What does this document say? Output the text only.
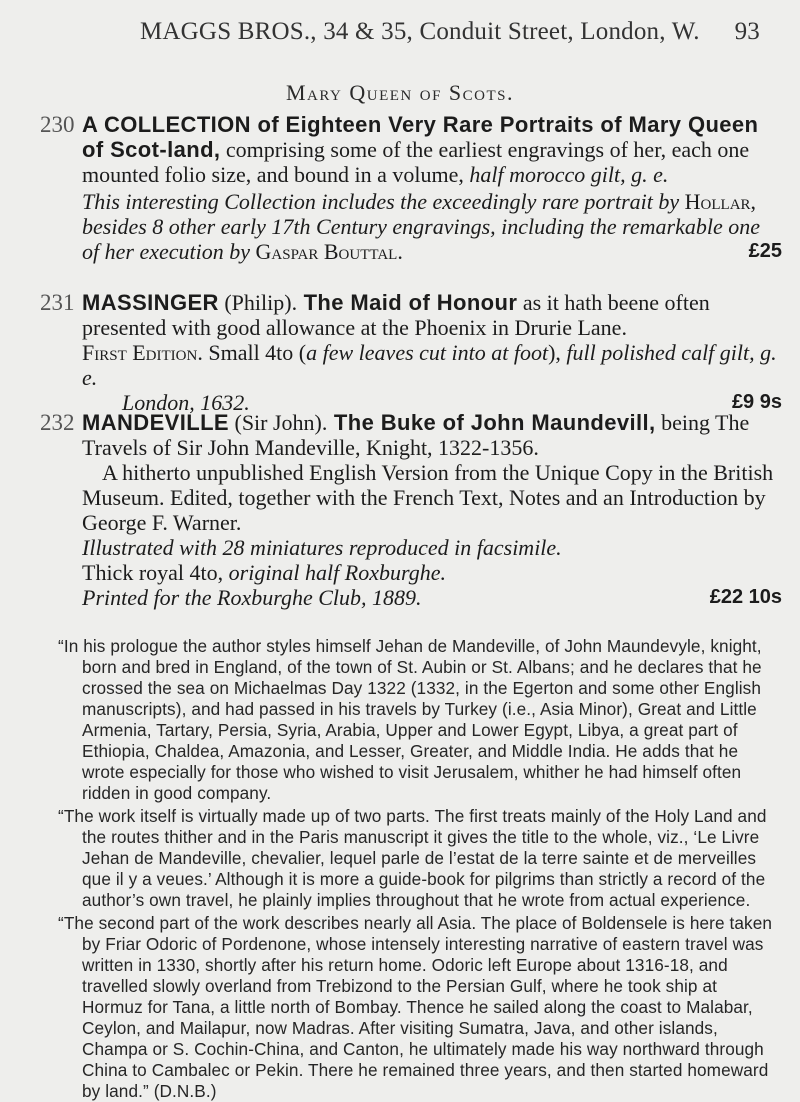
MAGGS BROS., 34 & 35, Conduit Street, London, W. 93
Mary Queen of Scots.
230 A COLLECTION of Eighteen Very Rare Portraits of Mary Queen of Scot-land, comprising some of the earliest engravings of her, each one mounted folio size, and bound in a volume, half morocco gilt, g. e.

This interesting Collection includes the exceedingly rare portrait by Hollar, besides 8 other early 17th Century engravings, including the remarkable one of her execution by Gaspar Bouttal.	£25

231 MASSINGER (Philip). The Maid of Honour as it hath beene often presented with good allowance at the Phoenix in Drurie Lane.

First Edition. Small 4to (a few leaves cut into at foot), full polished calf gilt, g. e.

London, 1632.	£9 9s

232 MANDEVILLE (Sir John). The Buke of John Maundevill, being The Travels of Sir John Mandeville, Knight, 1322-1356.

A hitherto unpublished English Version from the Unique Copy in the British Museum. Edited, together with the French Text, Notes and an Introduction by George F. Warner.

Illustrated with 28 miniatures reproduced in facsimile.

Thick royal 4to, original half Roxburghe.

Printed for the Roxburghe Club, 1889.	£22 10s

“In his prologue the author styles himself Jehan de Mandeville, of John Maundevyle, knight, born and bred in England, of the town of St. Aubin or St. Albans; and he declares that he crossed the sea on Michaelmas Day 1322 (1332, in the Egerton and some other English manuscripts), and had passed in his travels by Turkey (i.e., Asia Minor), Great and Little Armenia, Tartary, Persia, Syria, Arabia, Upper and Lower Egypt, Libya, a great part of Ethiopia, Chaldea, Amazonia, and Lesser, Greater, and Middle India. He adds that he wrote especially for those who wished to visit Jerusalem, whither he had himself often ridden in good company.

“The work itself is virtually made up of two parts. The first treats mainly of the Holy Land and the routes thither and in the Paris manuscript it gives the title to the whole, viz., ‘Le Livre Jehan de Mandeville, chevalier, lequel parle de l’estat de la terre sainte et de merveilles que il y a veues.’ Although it is more a guide-book for pilgrims than strictly a record of the author’s own travel, he plainly implies throughout that he wrote from actual experience.

“The second part of the work describes nearly all Asia. The place of Boldensele is here taken by Friar Odoric of Pordenone, whose intensely interesting narrative of eastern travel was written in 1330, shortly after his return home. Odoric left Europe about 1316-18, and travelled slowly overland from Trebizond to the Persian Gulf, where he took ship at Hormuz for Tana, a little north of Bombay. Thence he sailed along the coast to Malabar, Ceylon, and Mailapur, now Madras. After visiting Sumatra, Java, and other islands, Champa or S. Cochin-China, and Canton, he ultimately made his way northward through China to Cambalec or Pekin. There he remained three years, and then started homeward by land.” (D.N.B.)
